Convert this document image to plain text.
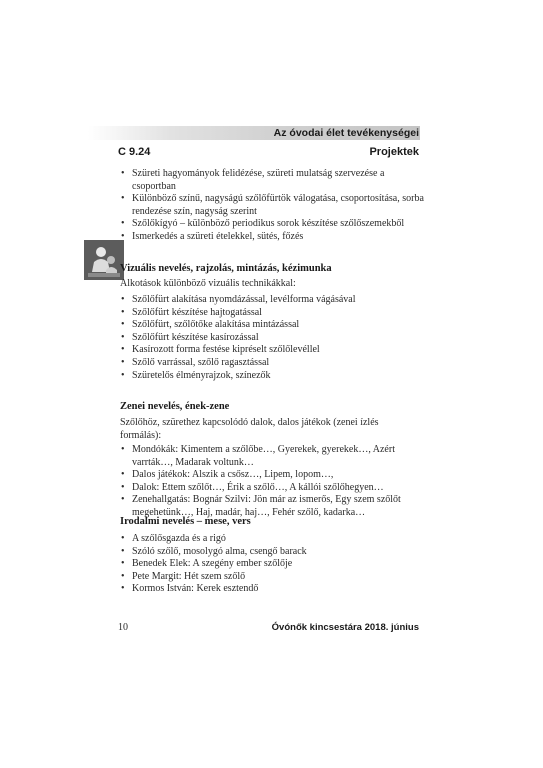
Az óvodai élet tevékenységei
C 9.24	Projektek
• Szüreti hagyományok felidézése, szüreti mulatság szervezése a csoportban
• Különböző színű, nagyságú szőlőfürtök válogatása, csoportosítása, sorba rendezése szín, nagyság szerint
• Szőlőkígyó – különböző periodikus sorok készítése szőlőszemekből
• Ismerkedés a szüreti ételekkel, sütés, főzés
Vizuális nevelés, rajzolás, mintázás, kézimunka
Alkotások különböző vizuális technikákkal:
• Szőlőfürt alakítása nyomdázással, levélforma vágásával
• Szőlőfürt készítése hajtogatással
• Szőlőfürt, szőlőtőke alakítása mintázással
• Szőlőfürt készítése kasírozással
• Kasírozott forma festése kipréselt szőlőlevéllel
• Szőlő varrással, szőlő ragasztással
• Szüretelős élményrajzok, színezők
Zenei nevelés, ének-zene
Szőlőhöz, szürethez kapcsolódó dalok, dalos játékok (zenei ízlés formálás):
• Mondókák: Kimentem a szőlőbe…, Gyerekek, gyerekek…, Azért varrták…, Madarak voltunk…
• Dalos játékok: Alszik a csősz…, Lipem, lopom…,
• Dalok: Ettem szőlőt…, Érik a szőlő…, A kállói szőlőhegyen…
• Zenehallgatás: Bognár Szilvi: Jön már az ismerős, Egy szem szőlőt megehetünk…, Haj, madár, haj…, Fehér szőlő, kadarka…
Irodalmi nevelés – mese, vers
• A szőlősgazda és a rigó
• Szóló szőlő, mosolygó alma, csengő barack
• Benedek Elek: A szegény ember szőlője
• Pete Margit: Hét szem szőlő
• Kormos István: Kerek esztendő
10	Óvónők kincsestára 2018. június
